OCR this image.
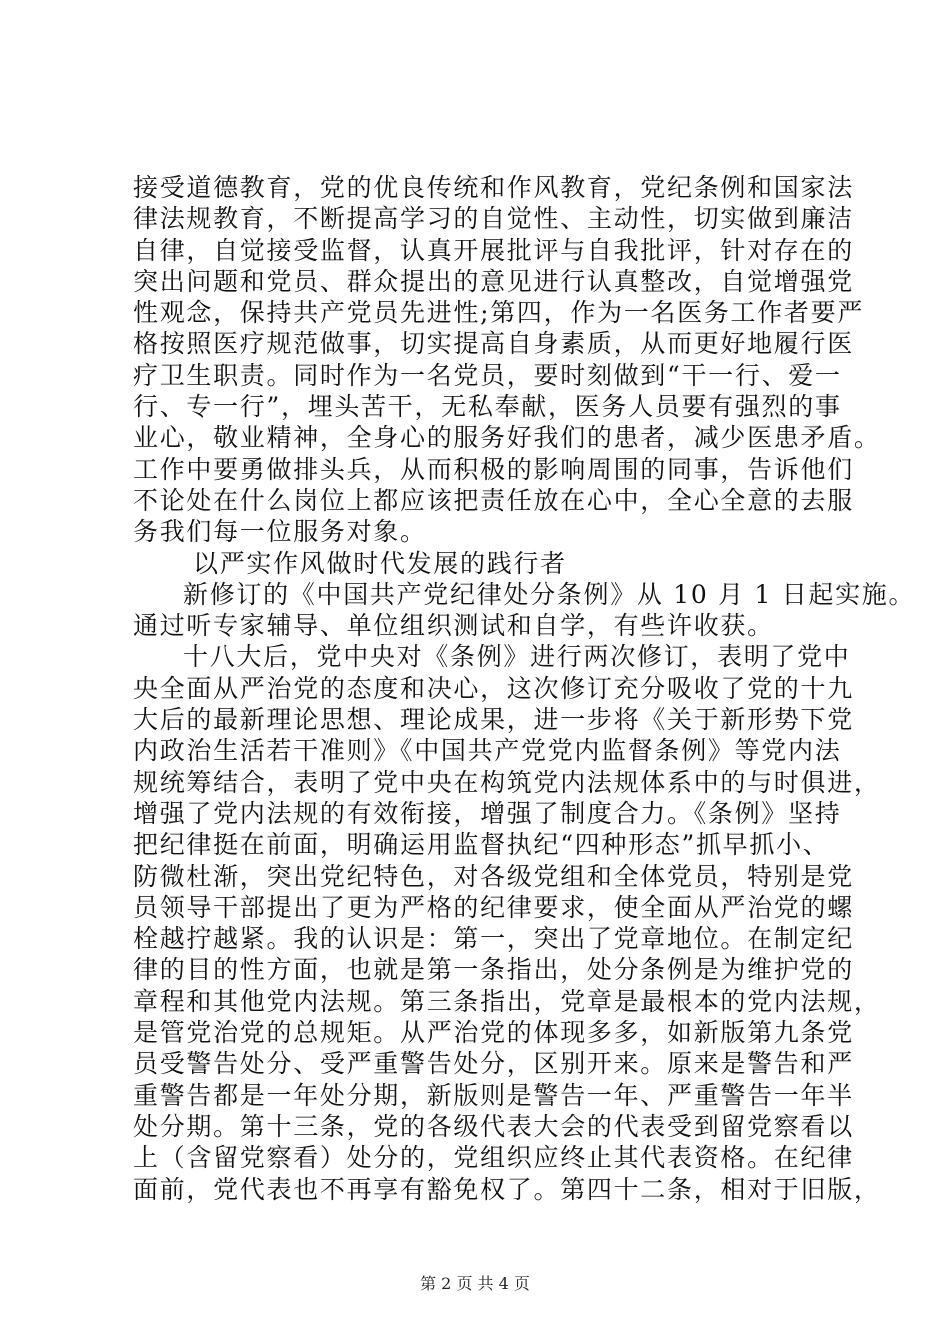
接受道德教育，党的优良传统和作风教育，党纪条例和国家法
律法规教育，不断提高学习的自觉性、主动性，切实做到廉洁
自律，自觉接受监督，认真开展批评与自我批评，针对存在的
突出问题和党员、群众提出的意见进行认真整改，自觉增强党
性观念，保持共产党员先进性;第四，作为一名医务工作者要严
格按照医疗规范做事，切实提高自身素质，从而更好地履行医
疗卫生职责。同时作为一名党员，要时刻做到“干一行、爱一
行、专一行”，埋头苦干，无私奉献，医务人员要有强烈的事
业心，敬业精神，全身心的服务好我们的患者，减少医患矛盾。
工作中要勇做排头兵，从而积极的影响周围的同事，告诉他们
不论处在什么岗位上都应该把责任放在心中，全心全意的去服
务我们每一位服务对象。
以严实作风做时代发展的践行者
新修订的《中国共产党纪律处分条例》从 10 月 1 日起实施。
通过听专家辅导、单位组织测试和自学，有些许收获。
十八大后，党中央对《条例》进行两次修订，表明了党中
央全面从严治党的态度和决心，这次修订充分吸收了党的十九
大后的最新理论思想、理论成果，进一步将《关于新形势下党
内政治生活若干准则》《中国共产党党内监督条例》等党内法
规统筹结合，表明了党中央在构筑党内法规体系中的与时俱进，
增强了党内法规的有效衔接，增强了制度合力。《条例》坚持
把纪律挺在前面，明确运用监督执纪“四种形态”抓早抓小、
防微杜渐，突出党纪特色，对各级党组和全体党员，特别是党
员领导干部提出了更为严格的纪律要求，使全面从严治党的螺
栓越拧越紧。我的认识是：第一，突出了党章地位。在制定纪
律的目的性方面，也就是第一条指出，处分条例是为维护党的
章程和其他党内法规。第三条指出，党章是最根本的党内法规，
是管党治党的总规矩。从严治党的体现多多，如新版第九条党
员受警告处分、受严重警告处分，区别开来。原来是警告和严
重警告都是一年处分期，新版则是警告一年、严重警告一年半
处分期。第十三条，党的各级代表大会的代表受到留党察看以
上（含留党察看）处分的，党组织应终止其代表资格。在纪律
面前，党代表也不再享有豁免权了。第四十二条，相对于旧版，
第 2 页 共 4 页
